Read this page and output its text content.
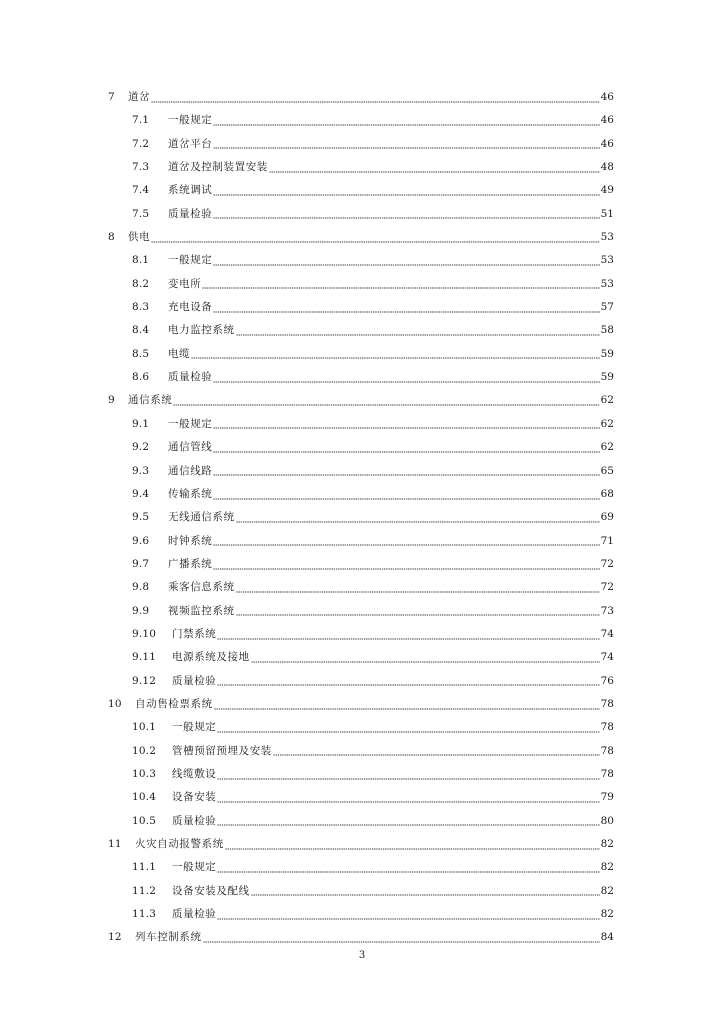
7	道岔	46
7.1	一般规定	46
7.2	道岔平台	46
7.3	道岔及控制装置安装	48
7.4	系统调试	49
7.5	质量检验	51
8	供电	53
8.1	一般规定	53
8.2	变电所	53
8.3	充电设备	57
8.4	电力监控系统	58
8.5	电缆	59
8.6	质量检验	59
9	通信系统	62
9.1	一般规定	62
9.2	通信管线	62
9.3	通信线路	65
9.4	传输系统	68
9.5	无线通信系统	69
9.6	时钟系统	71
9.7	广播系统	72
9.8	乘客信息系统	72
9.9	视频监控系统	73
9.10	门禁系统	74
9.11	电源系统及接地	74
9.12	质量检验	76
10	自动售检票系统	78
10.1	一般规定	78
10.2	管槽预留预埋及安装	78
10.3	线缆敷设	78
10.4	设备安装	79
10.5	质量检验	80
11	火灾自动报警系统	82
11.1	一般规定	82
11.2	设备安装及配线	82
11.3	质量检验	82
12	列车控制系统	84
3
